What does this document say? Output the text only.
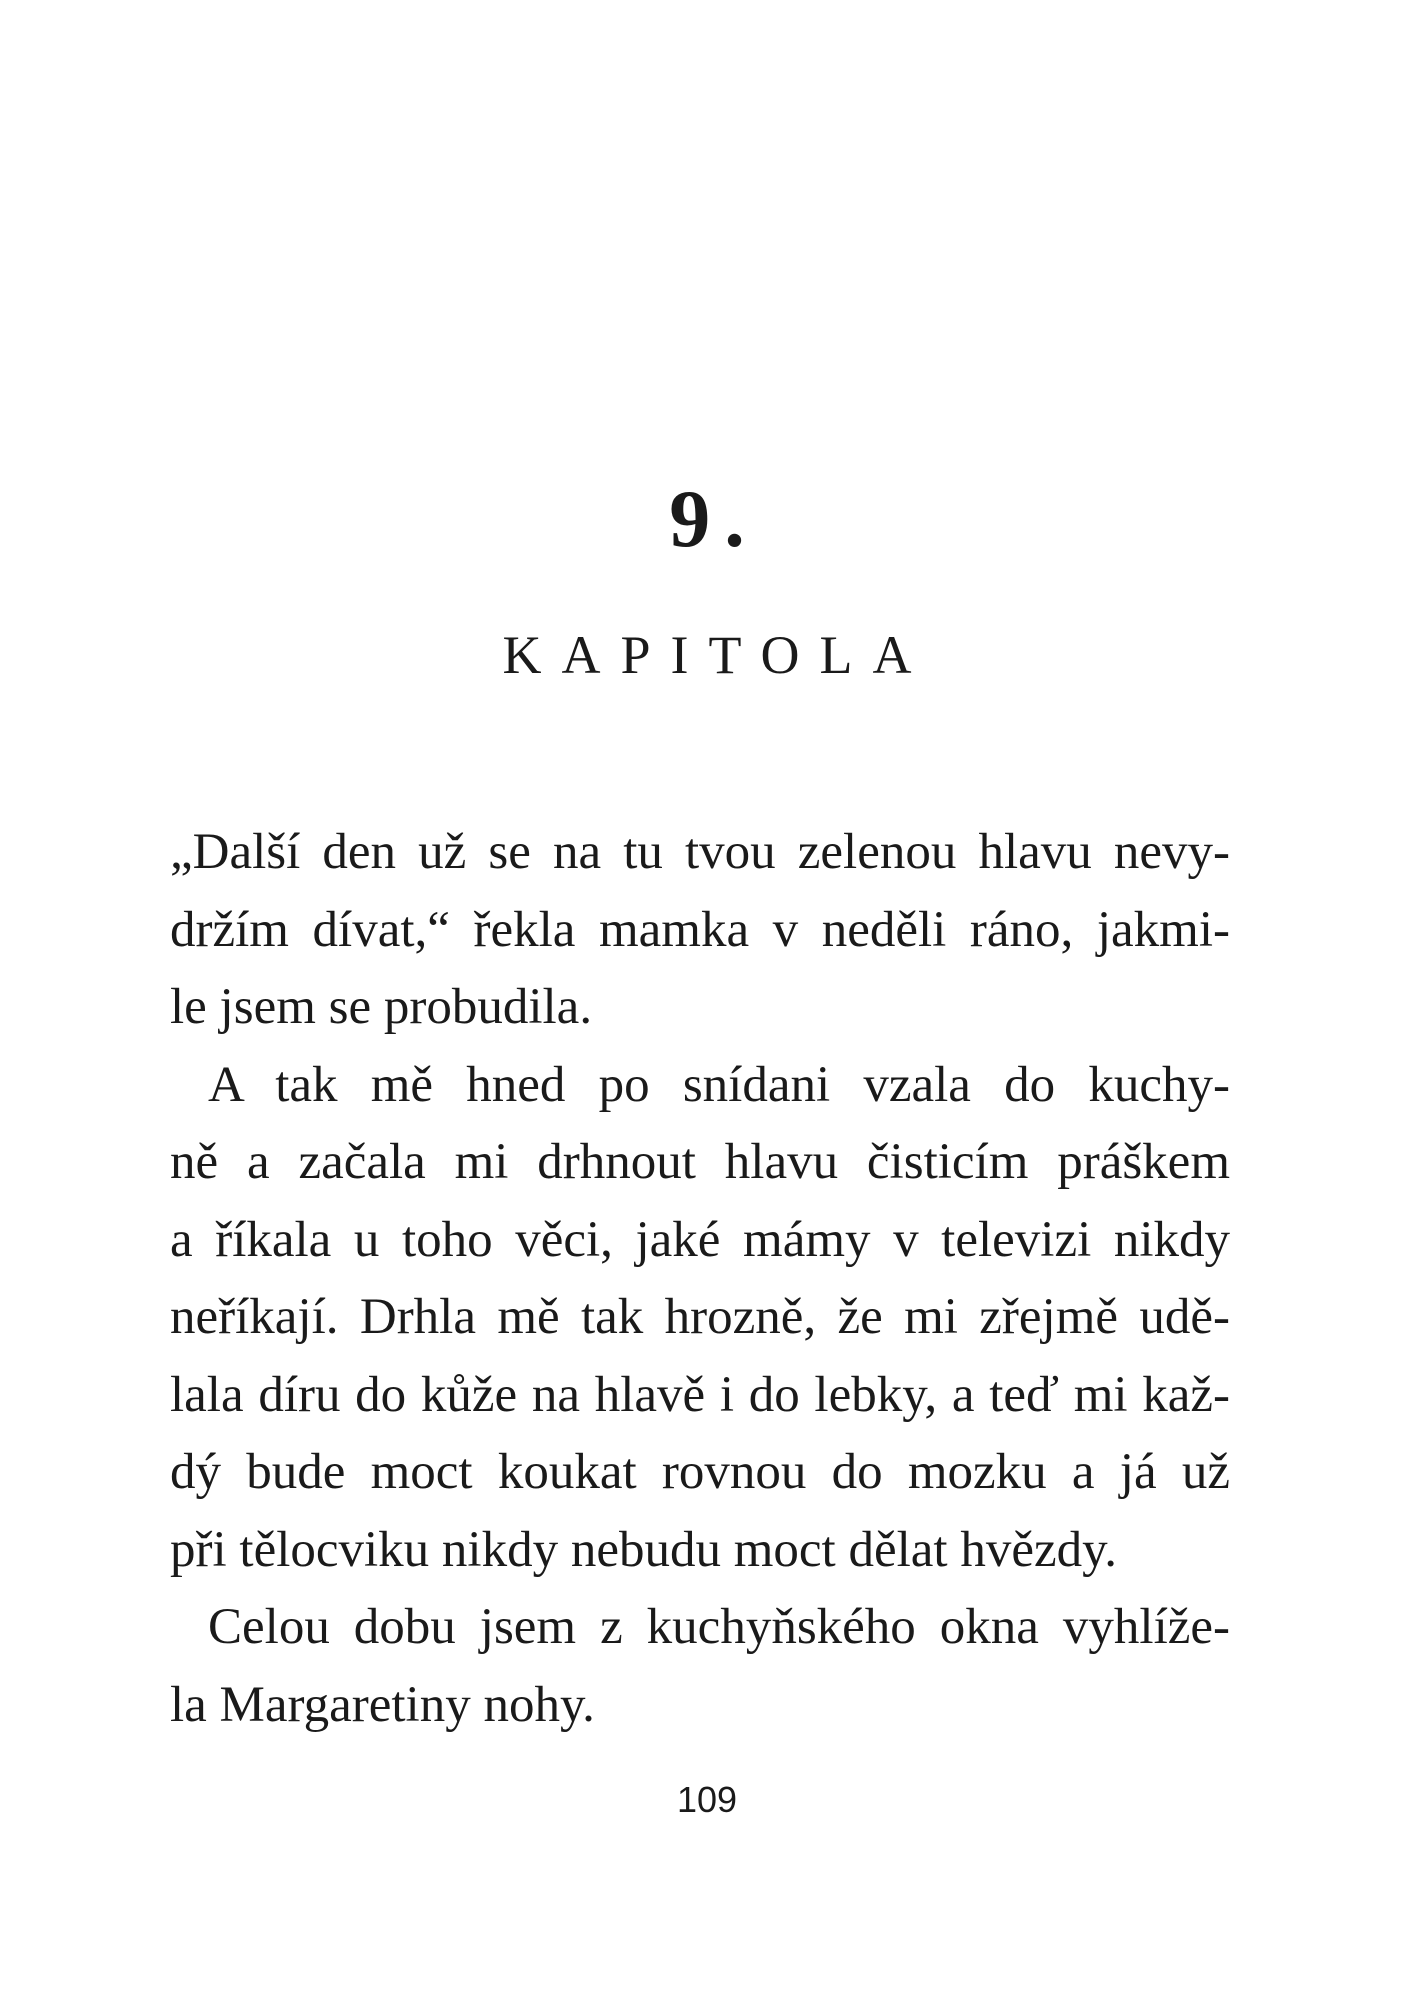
9.
KAPITOLA
„Další den už se na tu tvou zelenou hlavu nevy-
držím dívat,“ řekla mamka v neděli ráno, jakmi-
le jsem se probudila.
A tak mě hned po snídani vzala do kuchy-
ně a začala mi drhnout hlavu čisticím práškem
a říkala u toho věci, jaké mámy v televizi nikdy
neříkají. Drhla mě tak hrozně, že mi zřejmě udě-
lala díru do kůže na hlavě i do lebky, a teď mi kaž-
dý bude moct koukat rovnou do mozku a já už
při tělocviku nikdy nebudu moct dělat hvězdy.
Celou dobu jsem z kuchyňského okna vyhlíže-
la Margaretiny nohy.
109
